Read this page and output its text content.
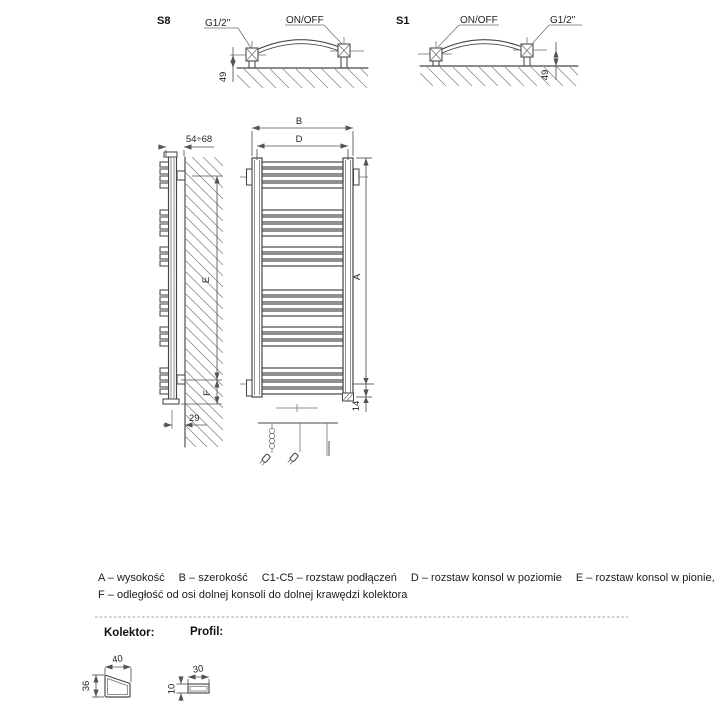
S8	G1/2"	ON/OFF
49
S1	ON/OFF	G1/2"
49
54÷68
E
F
29
B
D
A
14
Kolektor:
40
36
Profil:
30
10
A – wysokość B – szerokość C1-C5 – rozstaw podłączeń D – rozstaw konsol w poziomie E – rozstaw konsol w pionie,
F – odległość od osi dolnej konsoli do dolnej krawędzi kolektora
